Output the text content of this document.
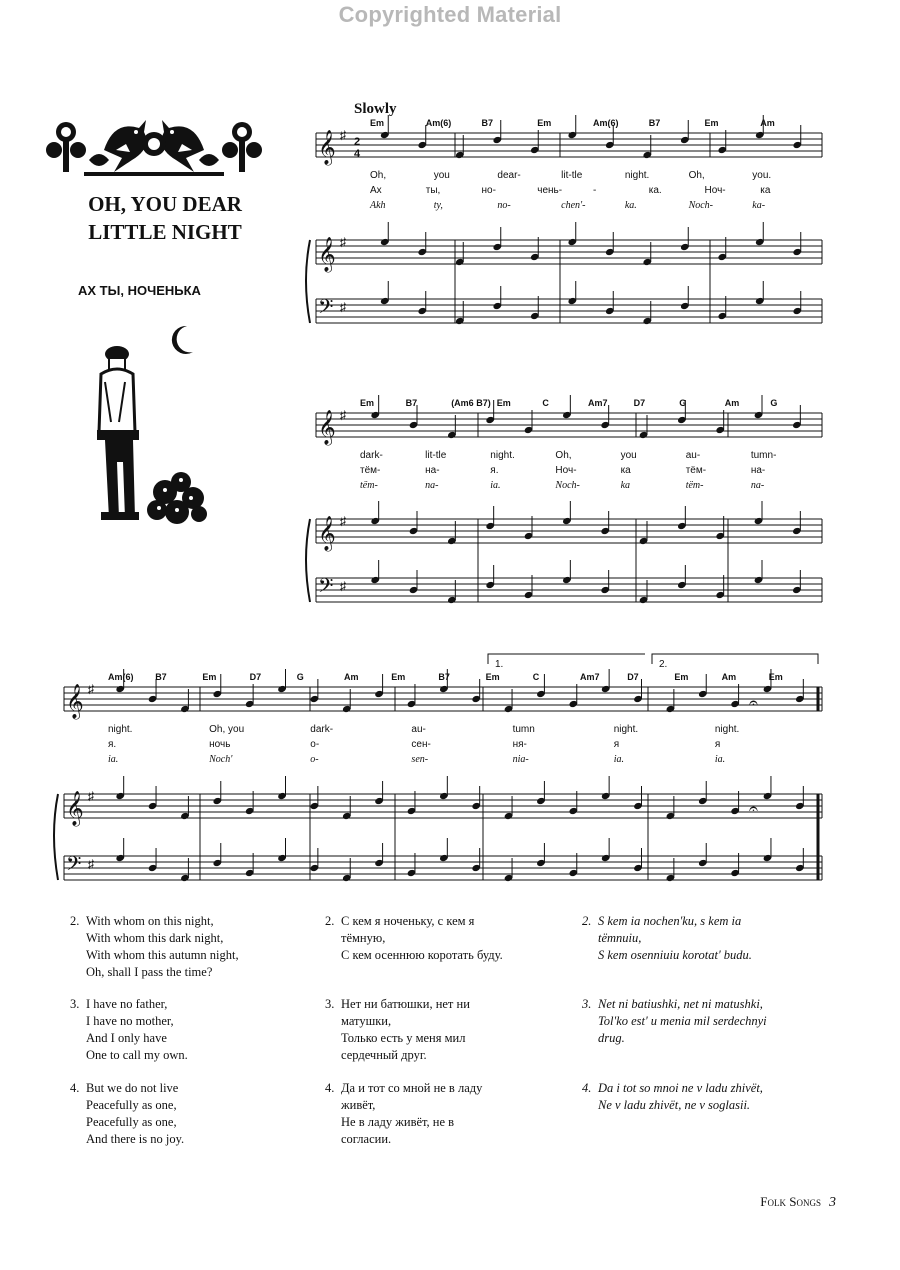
Copyrighted Material
OH, YOU DEAR
LITTLE NIGHT
АХ ТЫ, НОЧЕНЬКА
Slowly
𝄞 ♯
𝄞 ♯
𝄢 ♯
2
4
Em	Am(6)	B7	Em	Am(6)	B7	Em	Am
Oh,	you	dear-	lit-tle	night.	Oh,	you.
Ах	ты,	но-	чень-	-	ка.	Ноч-	ка
Akh	ty,	no-	chen'-	ka.	Noch-	ka-
𝄞 ♯
𝄞 ♯
𝄢 ♯
Em	B7	(Am6 B7) Em	C	Am7	D7	G	Am	G
dark-	lit-tle	night.	Oh,	you	au-	tumn-
тём-	на-	я.	Ноч-	ка	тём-	на-
tëm-	na-	ia.	Noch-	ka	tëm-	na-
𝄞 ♯
𝄞 ♯
𝄢 ♯
Am(6) B7	Em	D7	G	Am	Em	B7	Em	C	Am7	D7	Em	Am	Em
night.	Oh, you	dark-	au-	tumn	night.	night.
я.	ночь	о-	сен-	ня-	я	я
ia.	Noch'	o-	sen-	nia-	ia.	ia.
1.	2.
𝄐
𝄐
2. With whom on this night,
With whom this dark night,
With whom this autumn night,
Oh, shall I pass the time?
3. I have no father,
I have no mother,
And I only have
One to call my own.
4. But we do not live
Peacefully as one,
Peacefully as one,
And there is no joy.
2. С кем я ноченьку, с кем я
тёмную,
С кем осеннюю коротать буду.
3. Нет ни батюшки, нет ни
матушки,
Только есть у меня мил
сердечный друг.
4. Да и тот со мной не в ладу
живёт,
Не в ладу живёт, не в
согласии.
2. S kem ia nochen'ku, s kem ia
tëmnuiu,
S kem osenniuiu korotat' budu.
3. Net ni batiushki, net ni matushki,
Tol'ko est' u menia mil serdechnyi
drug.
4. Da i tot so mnoi ne v ladu zhivët,
Ne v ladu zhivët, ne v soglasii.
Folk Songs 3
